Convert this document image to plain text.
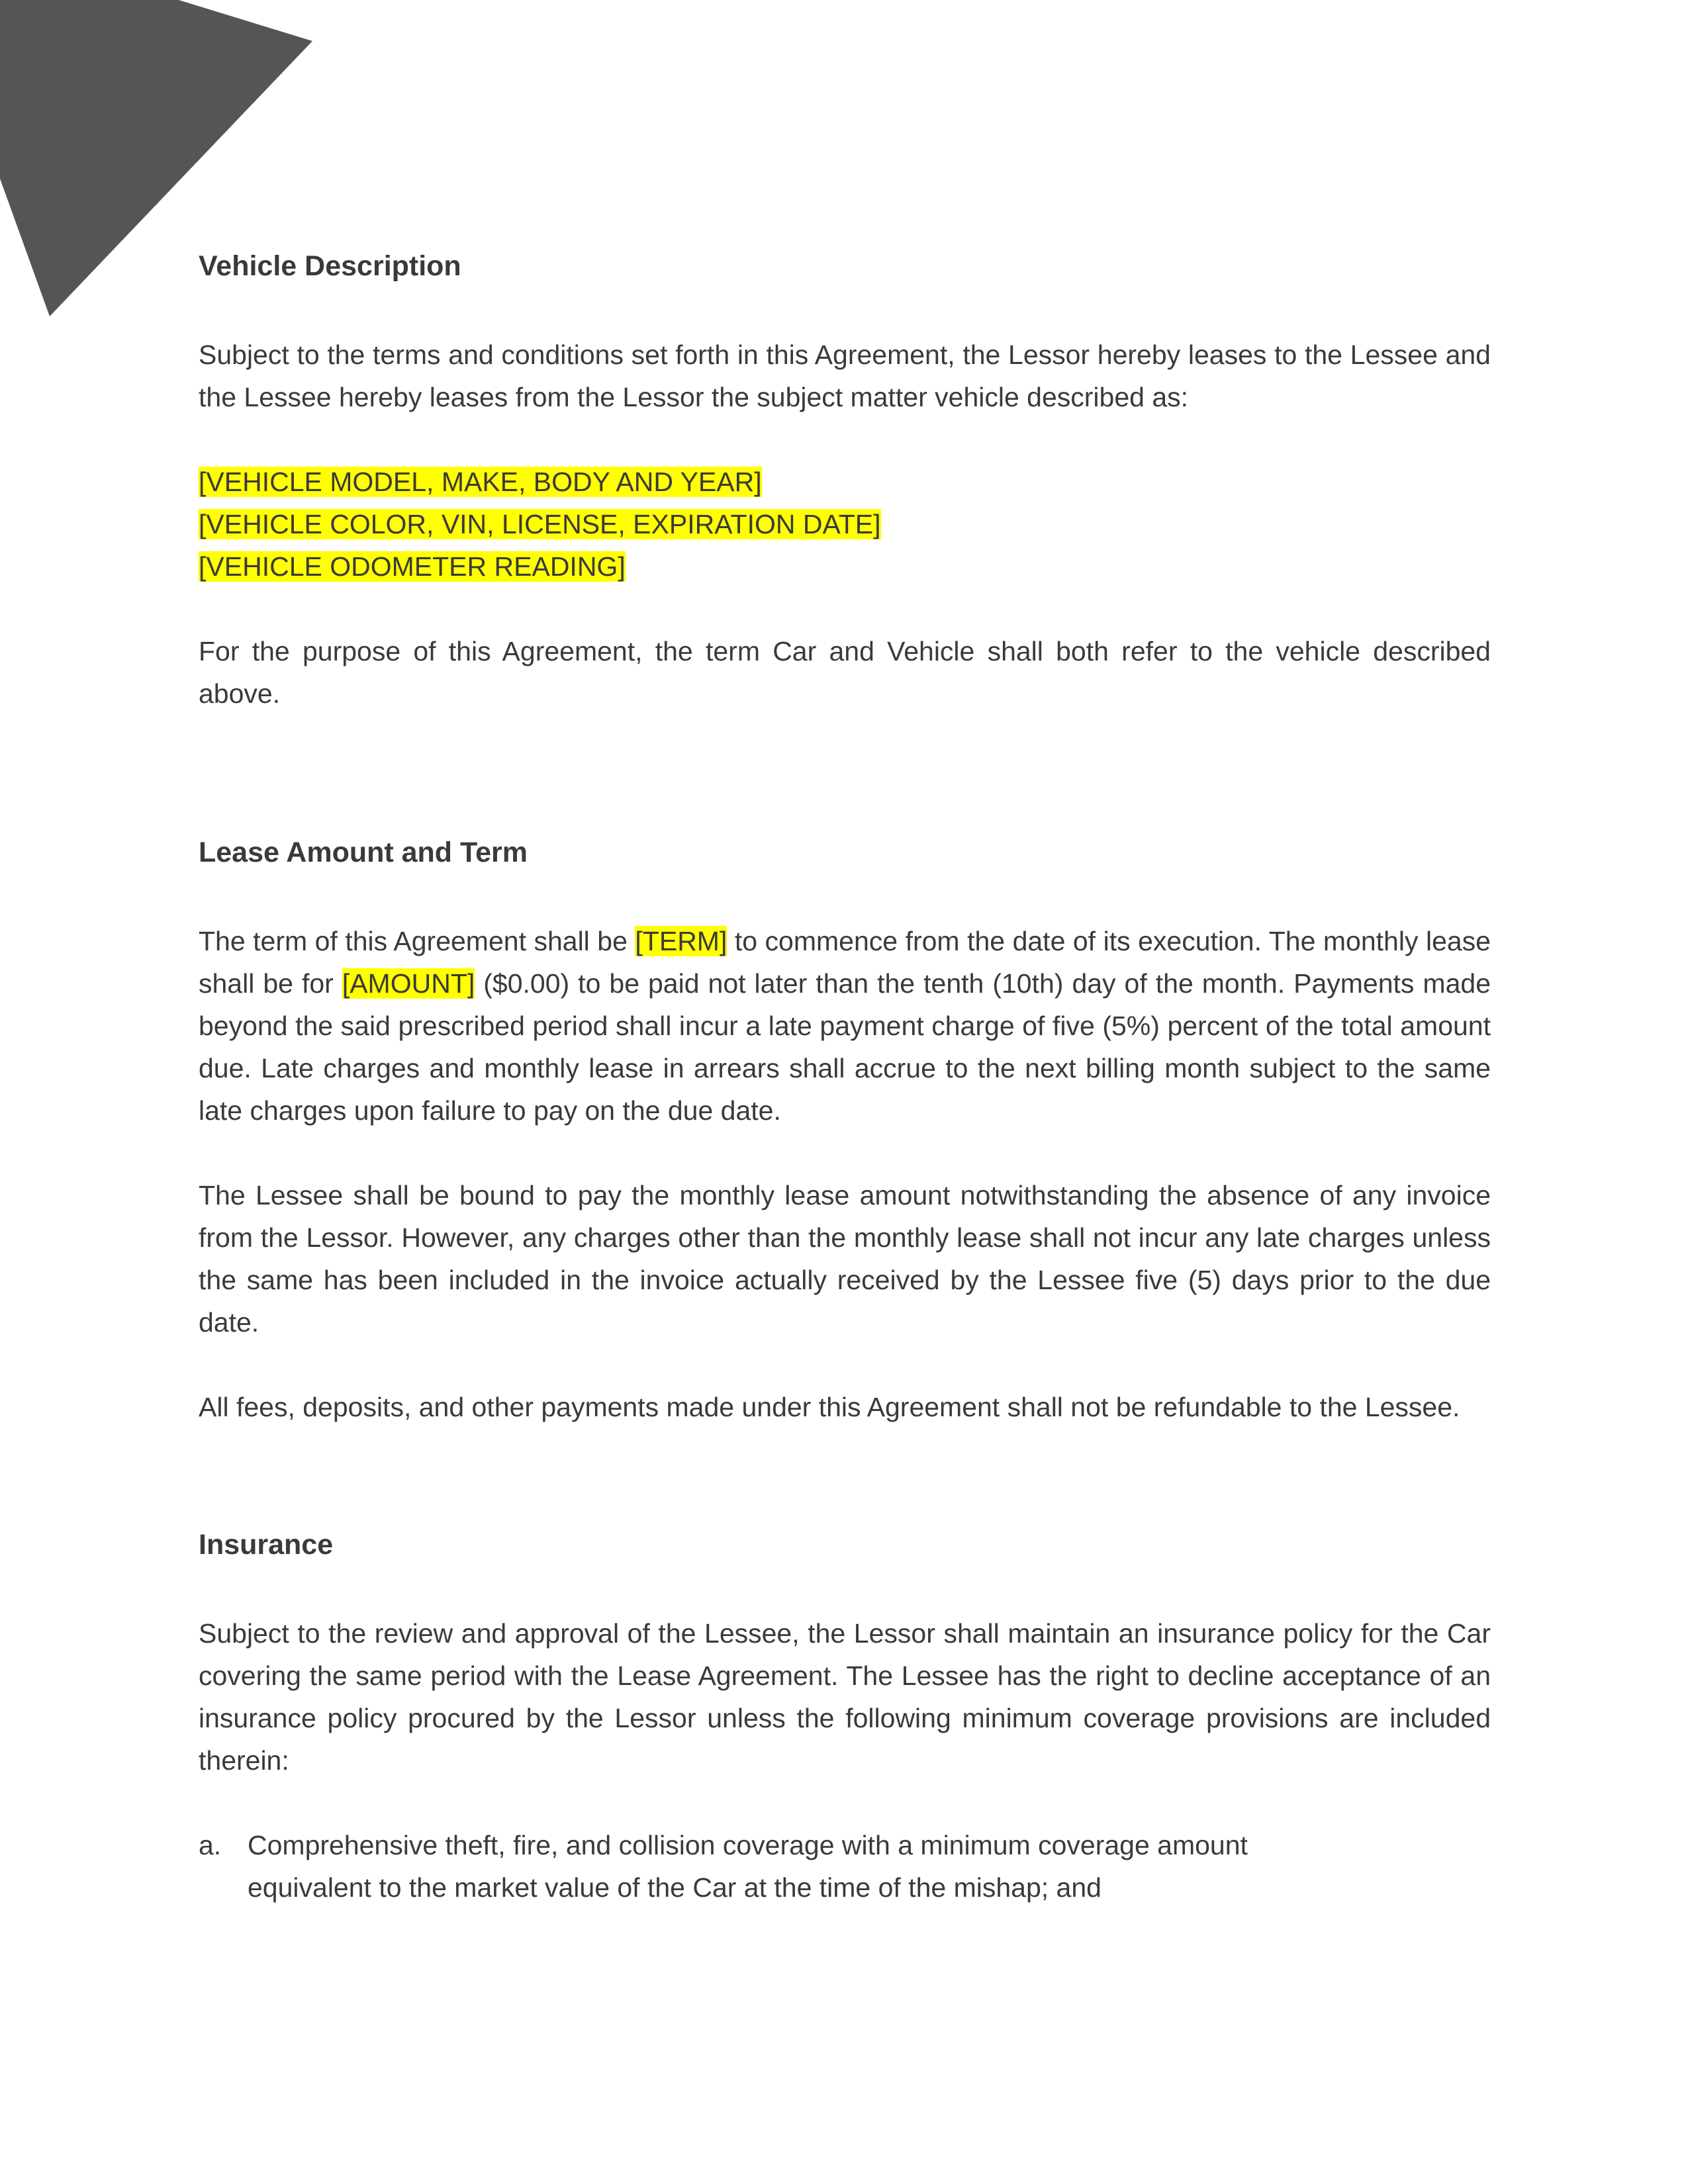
Vehicle Description

Subject to the terms and conditions set forth in this Agreement, the Lessor hereby leases to the Lessee and the Lessee hereby leases from the Lessor the subject matter vehicle described as:

[VEHICLE MODEL, MAKE, BODY AND YEAR]
[VEHICLE COLOR, VIN, LICENSE, EXPIRATION DATE]
[VEHICLE ODOMETER READING]

For the purpose of this Agreement, the term Car and Vehicle shall both refer to the vehicle described above.

Lease Amount and Term

The term of this Agreement shall be [TERM] to commence from the date of its execution. The monthly lease shall be for [AMOUNT] ($0.00) to be paid not later than the tenth (10th) day of the month. Payments made beyond the said prescribed period shall incur a late payment charge of five (5%) percent of the total amount due. Late charges and monthly lease in arrears shall accrue to the next billing month subject to the same late charges upon failure to pay on the due date.

The Lessee shall be bound to pay the monthly lease amount notwithstanding the absence of any invoice from the Lessor. However, any charges other than the monthly lease shall not incur any late charges unless the same has been included in the invoice actually received by the Lessee five (5) days prior to the due date.

All fees, deposits, and other payments made under this Agreement shall not be refundable to the Lessee.

Insurance

Subject to the review and approval of the Lessee, the Lessor shall maintain an insurance policy for the Car covering the same period with the Lease Agreement. The Lessee has the right to decline acceptance of an insurance policy procured by the Lessor unless the following minimum coverage provisions are included therein:

a. Comprehensive theft, fire, and collision coverage with a minimum coverage amount equivalent to the market value of the Car at the time of the mishap; and
